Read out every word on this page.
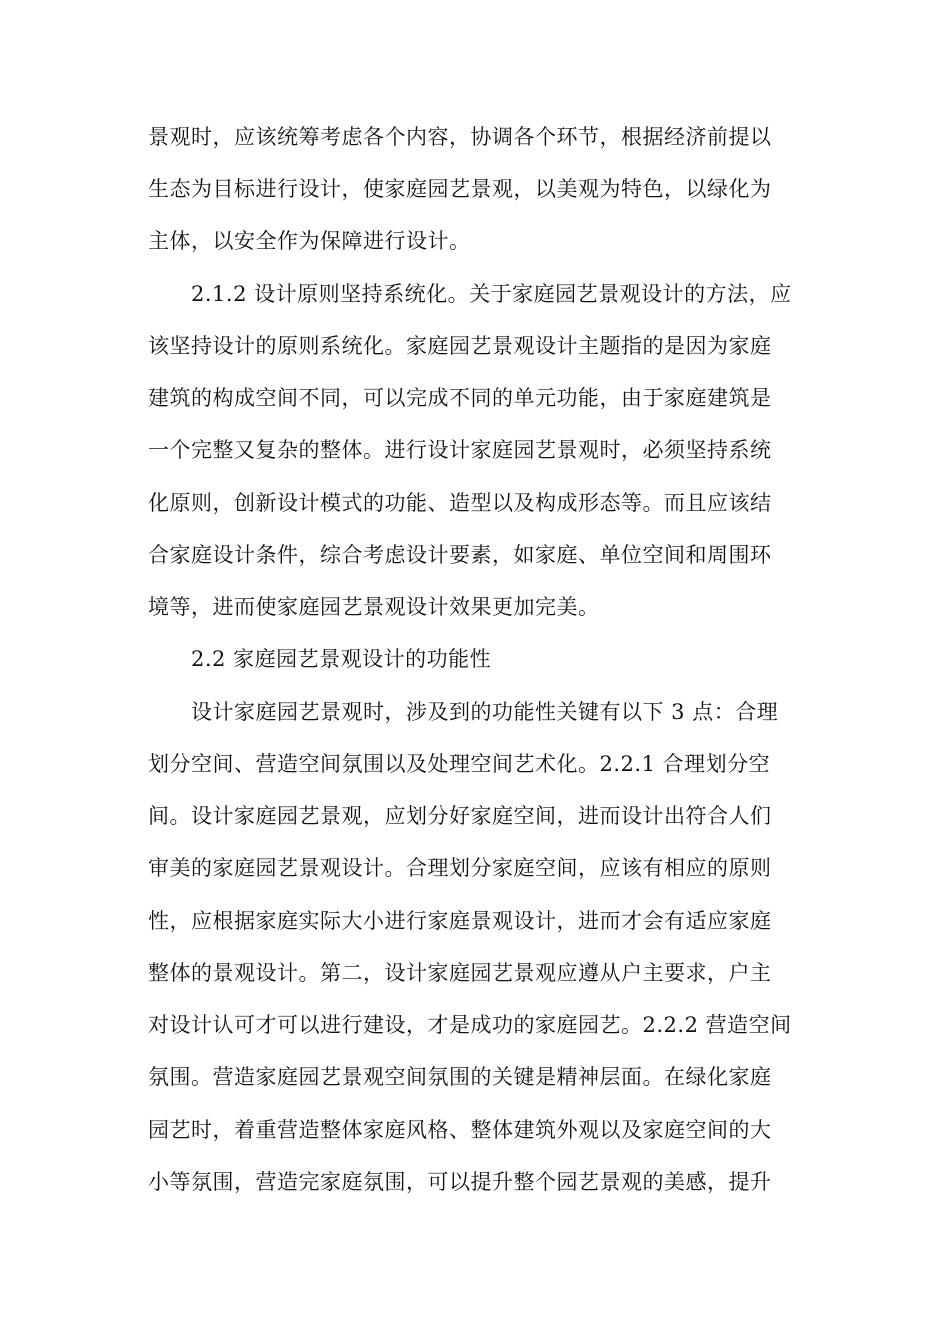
景观时，应该统筹考虑各个内容，协调各个环节，根据经济前提以
生态为目标进行设计，使家庭园艺景观，以美观为特色，以绿化为
主体，以安全作为保障进行设计。
2.1.2 设计原则坚持系统化。关于家庭园艺景观设计的方法，应
该坚持设计的原则系统化。家庭园艺景观设计主题指的是因为家庭
建筑的构成空间不同，可以完成不同的单元功能，由于家庭建筑是
一个完整又复杂的整体。进行设计家庭园艺景观时，必须坚持系统
化原则，创新设计模式的功能、造型以及构成形态等。而且应该结
合家庭设计条件，综合考虑设计要素，如家庭、单位空间和周围环
境等，进而使家庭园艺景观设计效果更加完美。
2.2 家庭园艺景观设计的功能性
设计家庭园艺景观时，涉及到的功能性关键有以下 3 点：合理
划分空间、营造空间氛围以及处理空间艺术化。2.2.1 合理划分空
间。设计家庭园艺景观，应划分好家庭空间，进而设计出符合人们
审美的家庭园艺景观设计。合理划分家庭空间，应该有相应的原则
性，应根据家庭实际大小进行家庭景观设计，进而才会有适应家庭
整体的景观设计。第二，设计家庭园艺景观应遵从户主要求，户主
对设计认可才可以进行建设，才是成功的家庭园艺。2.2.2 营造空间
氛围。营造家庭园艺景观空间氛围的关键是精神层面。在绿化家庭
园艺时，着重营造整体家庭风格、整体建筑外观以及家庭空间的大
小等氛围，营造完家庭氛围，可以提升整个园艺景观的美感，提升
